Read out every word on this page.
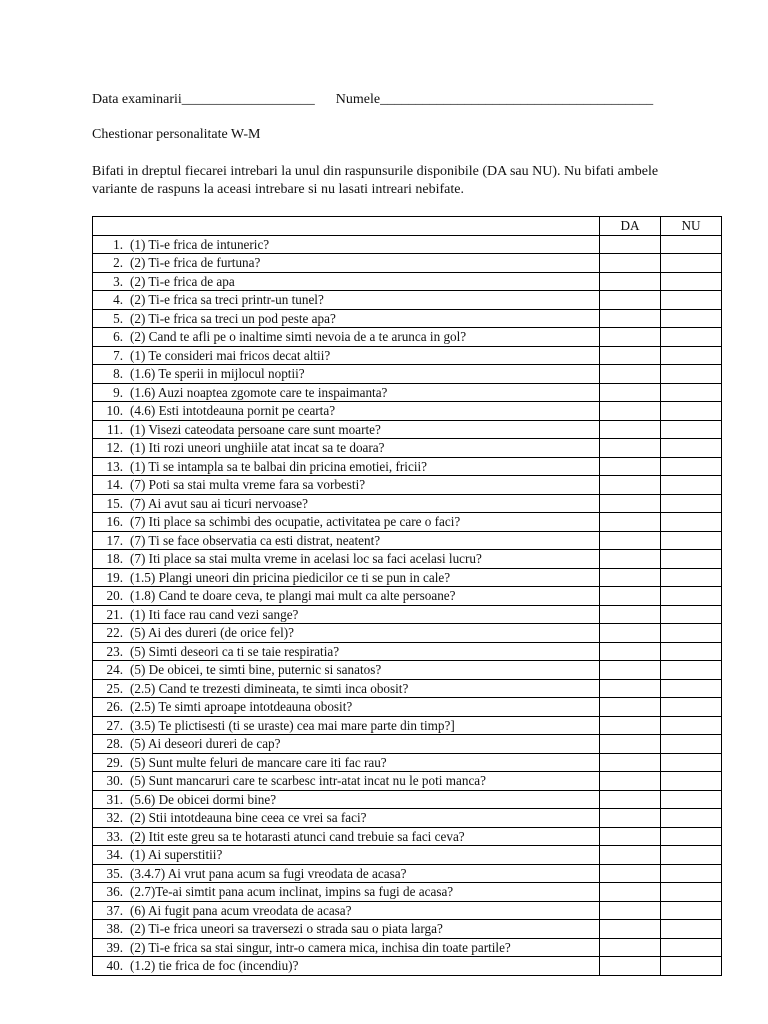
Data examinarii___________________ Numele_______________________________________
Chestionar personalitate W-M
Bifati in dreptul fiecarei intrebari la unul din raspunsurile disponibile (DA sau NU). Nu bifati ambele variante de raspuns la aceasi intrebare si nu lasati intreari nebifate.
	DA	NU

1. (1) Ti-e frica de intuneric?		

2. (2) Ti-e frica de furtuna?		

3. (2) Ti-e frica de apa		

4. (2) Ti-e frica sa treci printr-un tunel?		

5. (2) Ti-e frica sa treci un pod peste apa?		

6. (2) Cand te afli pe o inaltime simti nevoia de a te arunca in gol?		

7. (1) Te consideri mai fricos decat altii?		

8. (1.6) Te sperii in mijlocul noptii?		

9. (1.6) Auzi noaptea zgomote care te inspaimanta?		

10. (4.6) Esti intotdeauna pornit pe cearta?		

11. (1) Visezi cateodata persoane care sunt moarte?		

12. (1) Iti rozi uneori unghiile atat incat sa te doara?		

13. (1) Ti se intampla sa te balbai din pricina emotiei, fricii?		

14. (7) Poti sa stai multa vreme fara sa vorbesti?		

15. (7) Ai avut sau ai ticuri nervoase?		

16. (7) Iti place sa schimbi des ocupatie, activitatea pe care o faci?		

17. (7) Ti se face observatia ca esti distrat, neatent?		

18. (7) Iti place sa stai multa vreme in acelasi loc sa faci acelasi lucru?		

19. (1.5) Plangi uneori din pricina piedicilor ce ti se pun in cale?		

20. (1.8) Cand te doare ceva, te plangi mai mult ca alte persoane?		

21. (1) Iti face rau cand vezi sange?		

22. (5) Ai des dureri (de orice fel)?		

23. (5) Simti deseori ca ti se taie respiratia?		

24. (5) De obicei, te simti bine, puternic si sanatos?		

25. (2.5) Cand te trezesti dimineata, te simti inca obosit?		

26. (2.5) Te simti aproape intotdeauna obosit?		

27. (3.5) Te plictisesti (ti se uraste) cea mai mare parte din timp?]		

28. (5) Ai deseori dureri de cap?		

29. (5) Sunt multe feluri de mancare care iti fac rau?		

30. (5) Sunt mancaruri care te scarbesc intr-atat incat nu le poti manca?		

31. (5.6) De obicei dormi bine?		

32. (2) Stii intotdeauna bine ceea ce vrei sa faci?		

33. (2) Itit este greu sa te hotarasti atunci cand trebuie sa faci ceva?		

34. (1) Ai superstitii?		

35. (3.4.7) Ai vrut pana acum sa fugi vreodata de acasa?		

36. (2.7)Te-ai simtit pana acum inclinat, impins sa fugi de acasa?		

37. (6) Ai fugit pana acum vreodata de acasa?		

38. (2) Ti-e frica uneori sa traversezi o strada sau o piata larga?		

39. (2) Ti-e frica sa stai singur, intr-o camera mica, inchisa din toate partile?		

40. (1.2) tie frica de foc (incendiu)?		
